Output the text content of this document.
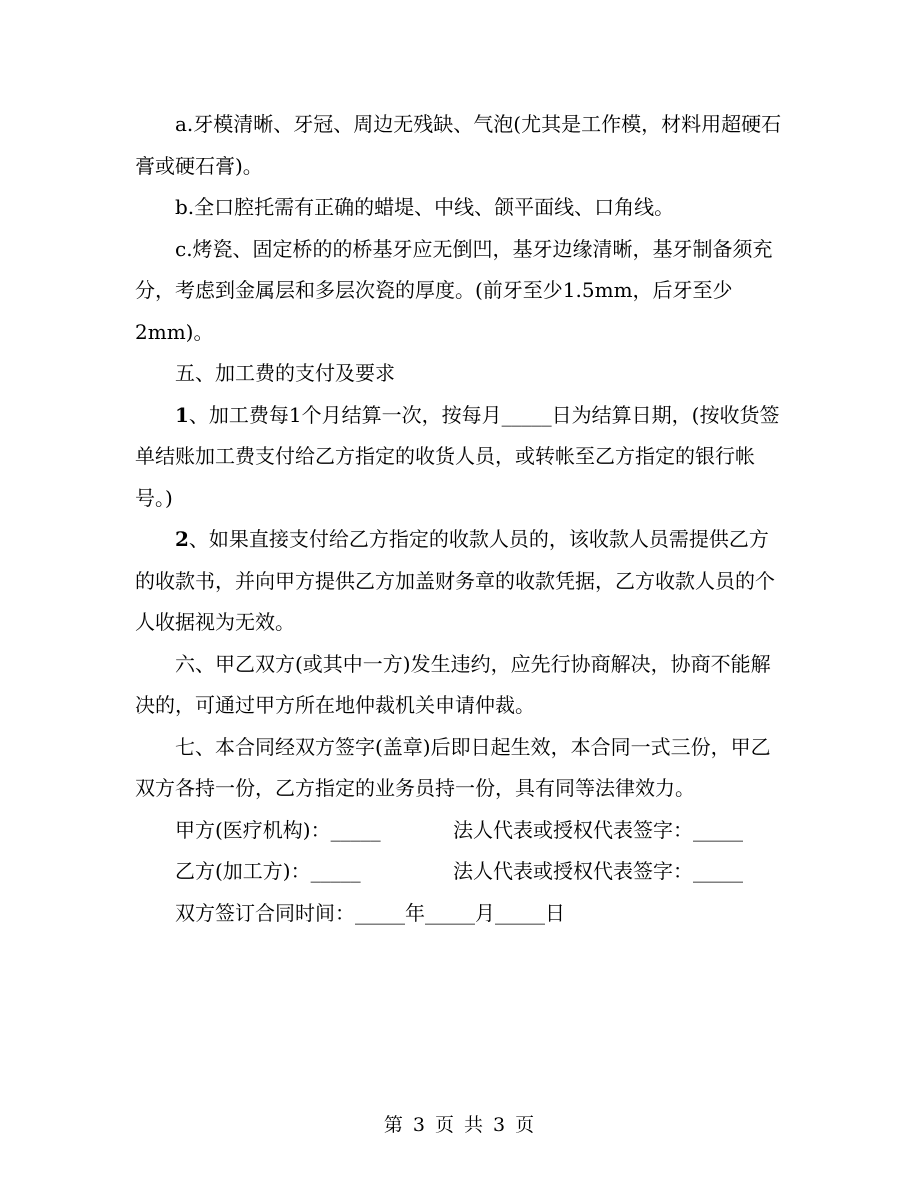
a.牙模清晰、牙冠、周边无残缺、气泡(尤其是工作模，材料用超硬石膏或硬石膏)。

b.全口腔托需有正确的蜡堤、中线、颌平面线、口角线。

c.烤瓷、固定桥的的桥基牙应无倒凹，基牙边缘清晰，基牙制备须充分，考虑到金属层和多层次瓷的厚度。(前牙至少1.5mm，后牙至少2mm)。

五、加工费的支付及要求

1、加工费每1个月结算一次，按每月_____日为结算日期，(按收货签单结账加工费支付给乙方指定的收货人员，或转帐至乙方指定的银行帐号。)

2、如果直接支付给乙方指定的收款人员的，该收款人员需提供乙方的收款书，并向甲方提供乙方加盖财务章的收款凭据，乙方收款人员的个人收据视为无效。

六、甲乙双方(或其中一方)发生违约，应先行协商解决，协商不能解决的，可通过甲方所在地仲裁机关申请仲裁。

七、本合同经双方签字(盖章)后即日起生效，本合同一式三份，甲乙双方各持一份，乙方指定的业务员持一份，具有同等法律效力。

甲方(医疗机构)：_____	法人代表或授权代表签字：_____
乙方(加工方)：_____	法人代表或授权代表签字：_____
双方签订合同时间：_____年_____月_____日
第 3 页 共 3 页
